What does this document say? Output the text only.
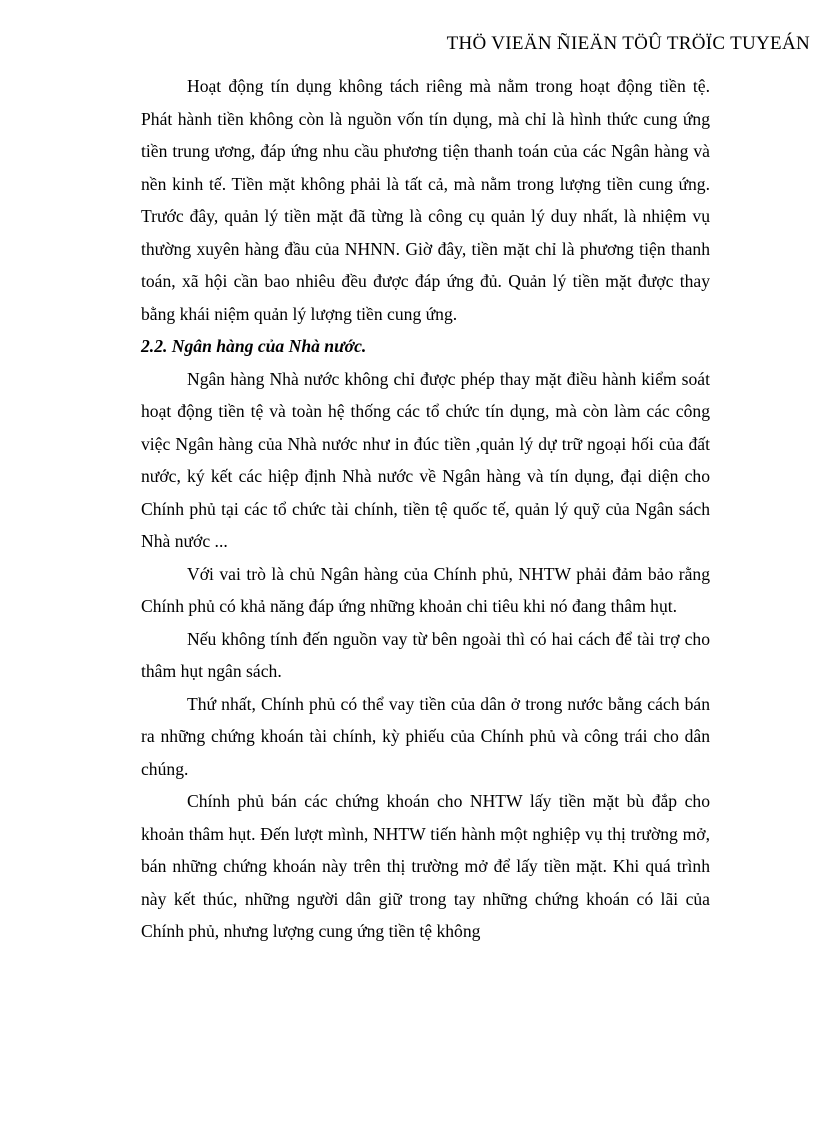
THÖ VIEÄN ÑIEÄN TÖÛ TRÖÏC TUYEÁN

Hoạt động tín dụng không tách riêng mà nằm trong hoạt động tiền tệ. Phát hành tiền không còn là nguồn vốn tín dụng, mà chỉ là hình thức cung ứng tiền trung ương, đáp ứng nhu cầu phương tiện thanh toán của các Ngân hàng và nền kinh tế. Tiền mặt không phải là tất cả, mà nằm trong lượng tiền cung ứng. Trước đây, quản lý tiền mặt đã từng là công cụ quản lý duy nhất, là nhiệm vụ thường xuyên hàng đầu của NHNN. Giờ đây, tiền mặt chỉ là phương tiện thanh toán, xã hội cần bao nhiêu đều được đáp ứng đủ. Quản lý tiền mặt được thay bằng khái niệm quản lý lượng tiền cung ứng.

2.2. Ngân hàng của Nhà nước.

Ngân hàng Nhà nước không chỉ được phép thay mặt điều hành kiểm soát hoạt động tiền tệ và toàn hệ thống các tổ chức tín dụng, mà còn làm các công việc Ngân hàng của Nhà nước như in đúc tiền ,quản lý dự trữ ngoại hối của đất nước, ký kết các hiệp định Nhà nước về Ngân hàng và tín dụng, đại diện cho Chính phủ tại các tổ chức tài chính, tiền tệ quốc tế, quản lý quỹ của Ngân sách Nhà nước ...

Với vai trò là chủ Ngân hàng của Chính phủ, NHTW phải đảm bảo rằng Chính phủ có khả năng đáp ứng những khoản chi tiêu khi nó đang thâm hụt.

Nếu không tính đến nguồn vay từ bên ngoài thì có hai cách để tài trợ cho thâm hụt ngân sách.

Thứ nhất, Chính phủ có thể vay tiền của dân ở trong nước bằng cách bán ra những chứng khoán tài chính, kỳ phiếu của Chính phủ và công trái cho dân chúng.

Chính phủ bán các chứng khoán cho NHTW lấy tiền mặt bù đắp cho khoản thâm hụt. Đến lượt mình, NHTW tiến hành một nghiệp vụ thị trường mở, bán những chứng khoán này trên thị trường mở để lấy tiền mặt. Khi quá trình này kết thúc, những người dân giữ trong tay những chứng khoán có lãi của Chính phủ, nhưng lượng cung ứng tiền tệ không
